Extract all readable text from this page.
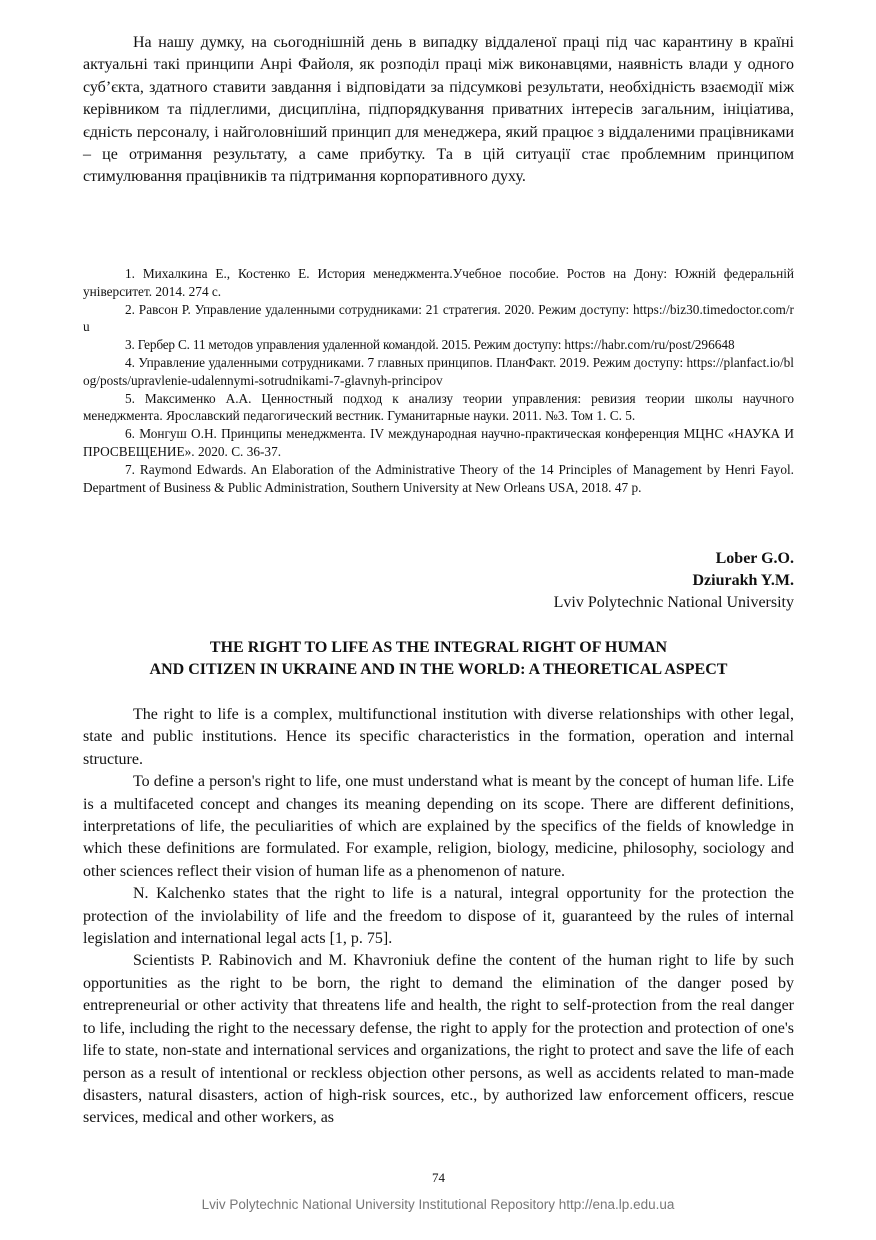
На нашу думку, на сьогоднішній день в випадку віддаленої праці під час карантину в країні актуальні такі принципи Анрі Файоля, як розподіл праці між виконавцями, наявність влади у одного суб’єкта, здатного ставити завдання і відповідати за підсумкові результати, необхідність взаємодії між керівником та підлеглими, дисципліна, підпорядкування приватних інтересів загальним, ініціатива, єдність персоналу, і найголовніший принцип для менеджера, який працює з віддаленими працівниками – це отримання результату, а саме прибутку. Та в цій ситуації стає проблемним принципом стимулювання працівників та підтримання корпоративного духу.

1. Михалкина Е., Костенко Е. История менеджмента.Учебное пособие. Ростов на Дону: Южній федеральній університет. 2014. 274 с.

2. Равсон Р. Управление удаленными сотрудниками: 21 стратегия. 2020. Режим доступу: https://biz30.timedoctor.com/ru

3. Гербер С. 11 методов управления удаленной командой. 2015. Режим доступу: https://habr.com/ru/post/296648

4. Управление удаленными сотрудниками. 7 главных принципов. ПланФакт. 2019. Режим доступу: https://planfact.io/blog/posts/upravlenie-udalennymi-sotrudnikami-7-glavnyh-principov

5. Максименко А.А. Ценностный подход к анализу теории управления: ревизия теории школы научного менеджмента. Ярославский педагогический вестник. Гуманитарные науки. 2011. №3. Том 1. С. 5.

6. Монгуш О.Н. Принципы менеджмента. IV международная научно-практическая конференция МЦНС «НАУКА И ПРОСВЕЩЕНИЕ». 2020. С. 36-37.

7. Raymond Edwards. An Elaboration of the Administrative Theory of the 14 Principles of Management by Henri Fayol. Department of Business & Public Administration, Southern University at New Orleans USA, 2018. 47 p.

Lober G.O.

Dziurakh Y.M.

Lviv Polytechnic National University

THE RIGHT TO LIFE AS THE INTEGRAL RIGHT OF HUMAN
AND CITIZEN IN UKRAINE AND IN THE WORLD: A THEORETICAL ASPECT

The right to life is a complex, multifunctional institution with diverse relationships with other legal, state and public institutions. Hence its specific characteristics in the formation, operation and internal structure.

To define a person's right to life, one must understand what is meant by the concept of human life. Life is a multifaceted concept and changes its meaning depending on its scope. There are different definitions, interpretations of life, the peculiarities of which are explained by the specifics of the fields of knowledge in which these definitions are formulated. For example, religion, biology, medicine, philosophy, sociology and other sciences reflect their vision of human life as a phenomenon of nature.

N. Kalchenko states that the right to life is a natural, integral opportunity for the protection the protection of the inviolability of life and the freedom to dispose of it, guaranteed by the rules of internal legislation and international legal acts [1, p. 75].

Scientists P. Rabinovich and M. Khavroniuk define the content of the human right to life by such opportunities as the right to be born, the right to demand the elimination of the danger posed by entrepreneurial or other activity that threatens life and health, the right to self-protection from the real danger to life, including the right to the necessary defense, the right to apply for the protection and protection of one's life to state, non-state and international services and organizations, the right to protect and save the life of each person as a result of intentional or reckless objection other persons, as well as accidents related to man-made disasters, natural disasters, action of high-risk sources, etc., by authorized law enforcement officers, rescue services, medical and other workers, as

74
Lviv Polytechnic National University Institutional Repository http://ena.lp.edu.ua
